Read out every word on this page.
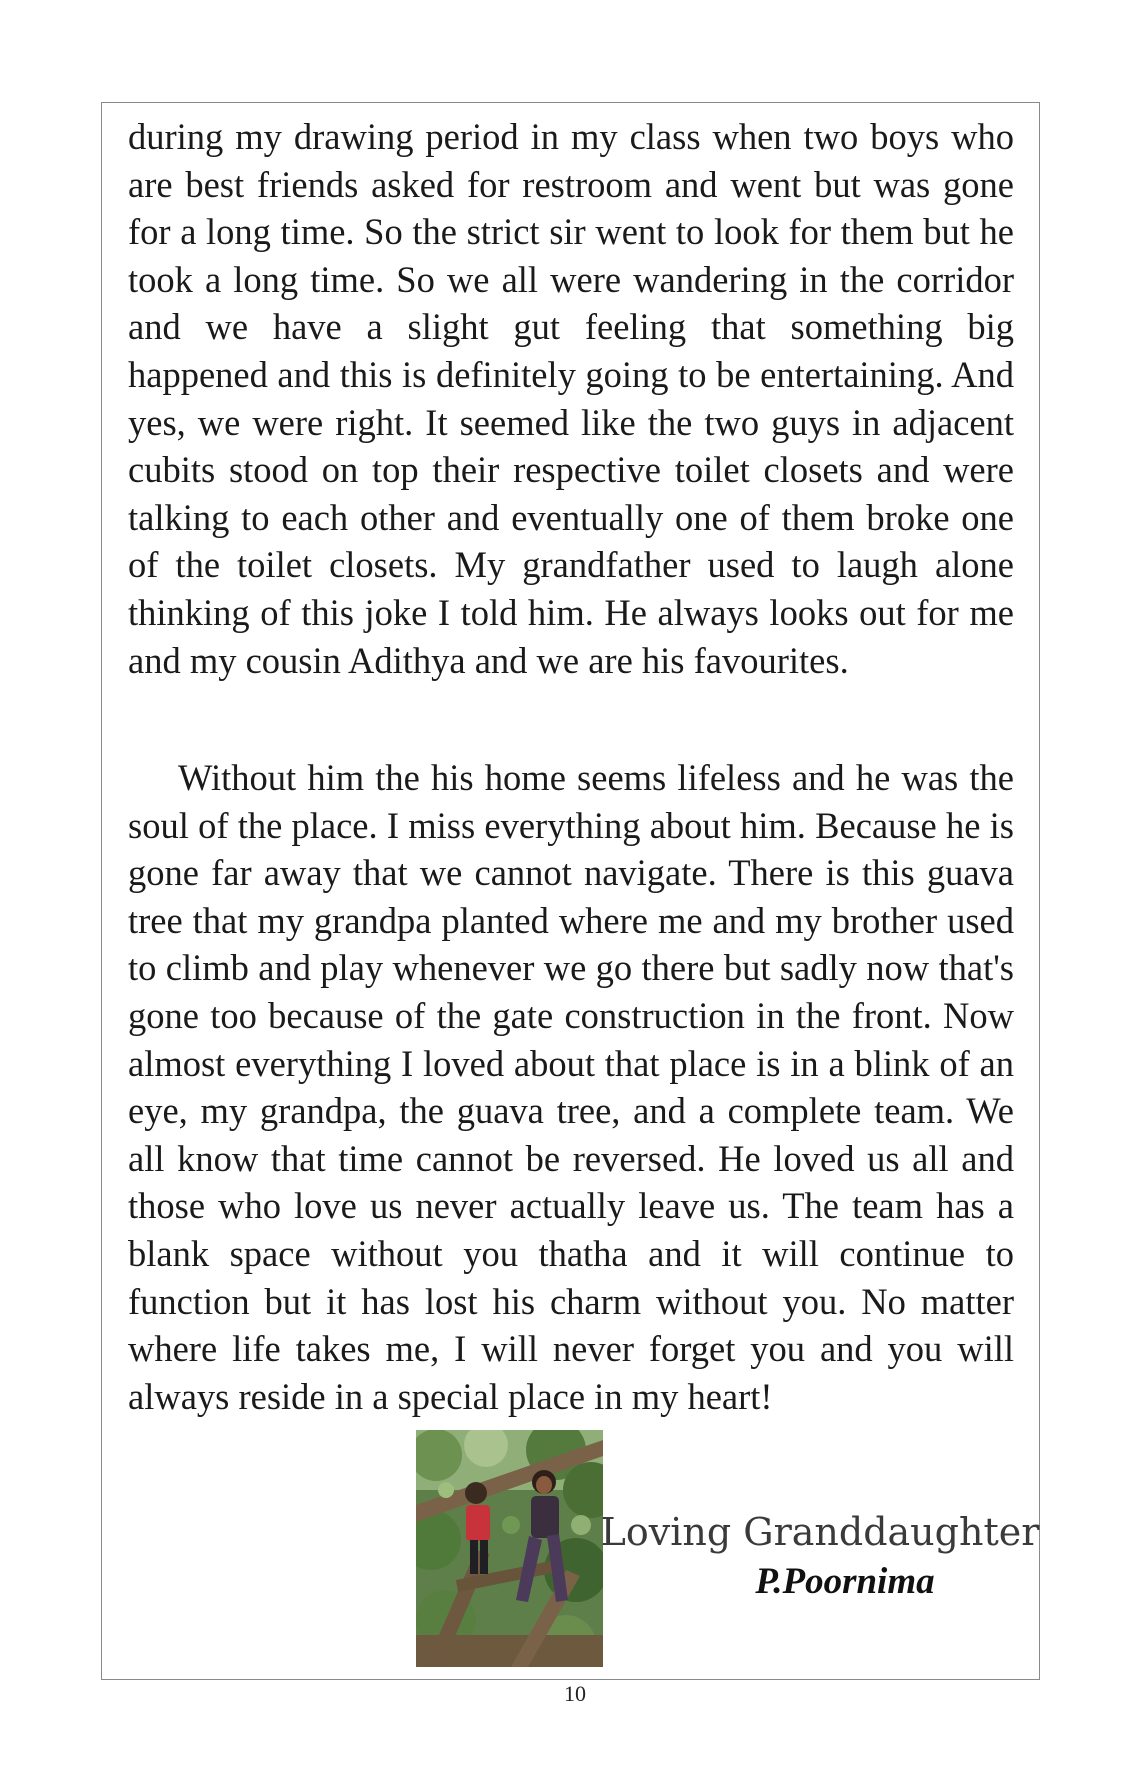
during my drawing period in my class when two boys who are best friends asked for restroom and went but was gone for a long time. So the strict sir went to look for them but he took a long time. So we all were wandering in the corridor and we have a slight gut feeling that something big happened and this is definitely going to be entertaining. And yes, we were right. It seemed like the two guys in adjacent cubits stood on top their respective toilet closets and were talking to each other and eventually one of them broke one of the toilet closets. My grandfather used to laugh alone thinking of this joke I told him. He always looks out for me and my cousin Adithya and we are his favourites.

Without him the his home seems lifeless and he was the soul of the place. I miss everything about him. Because he is gone far away that we cannot navigate. There is this guava tree that my grandpa planted where me and my brother used to climb and play whenever we go there but sadly now that's gone too because of the gate construction in the front. Now almost everything I loved about that place is in a blink of an eye, my grandpa, the guava tree, and a complete team. We all know that time cannot be reversed. He loved us all and those who love us never actually leave us. The team has a blank space without you thatha and it will continue to function but it has lost his charm without you. No matter where life takes me, I will never forget you and you will always reside in a special place in my heart!

Loving Granddaughter
P.Poornima
10
